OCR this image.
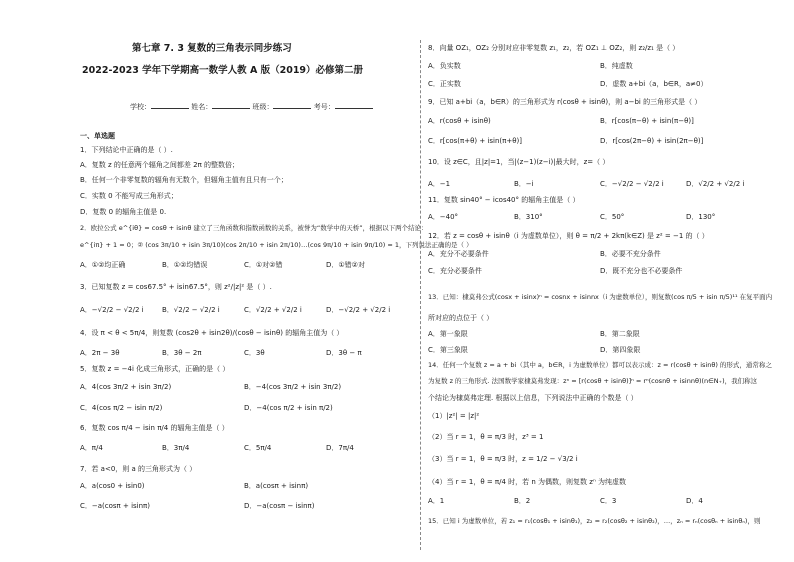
第七章 7. 3 复数的三角表示同步练习
2022-2023 学年下学期高一数学人教 A 版（2019）必修第二册
学校：	姓名：	班级：	考号：
一、单选题
1．下列结论中正确的是（ ）.
A．复数 z 的任意两个辐角之间都差 2π 的整数倍；
B．任何一个非零复数的辐角有无数个，但辐角主值有且只有一个；
C．实数 0 不能写成三角形式；
D．复数 0 的辐角主值是 0.
2．欧拉公式 e^{iθ} = cosθ + isinθ 建立了三角函数和指数函数的关系，被誉为“数学中的天桥”，根据以下两个结论：
e^{iπ} + 1 = 0；② (cos 3π/10 + isin 3π/10)(cos 2π/10 + isin 2π/10)…(cos 9π/10 + isin 9π/10) = 1，下列说法正确的是（ ）
A．①②均正确	B．①②均错误	C．①对②错	D．①错②对
3．已知复数 z = cos67.5° + isin67.5°，则 z²/|z|² 是（ ）.
A．−√2/2 − √2/2 i	B．√2/2 − √2/2 i	C．√2/2 + √2/2 i	D．−√2/2 + √2/2 i
4．设 π < θ < 5π/4，则复数 (cos2θ + isin2θ)/(cosθ − isinθ) 的辐角主值为（ ）
A．2π − 3θ	B．3θ − 2π	C．3θ	D．3θ − π
5．复数 z = −4i 化成三角形式，正确的是（ ）
A．4(cos 3π/2 + isin 3π/2)	B．−4(cos 3π/2 + isin 3π/2)
C．4(cos π/2 − isin π/2)	D．−4(cos π/2 + isin π/2)
6．复数 cos π/4 − isin π/4 的辐角主值是（ ）
A．π/4	B．3π/4	C．5π/4	D．7π/4
7．若 a<0，则 a 的三角形式为（ ）
A．a(cos0 + isin0)	B．a(cosπ + isinπ)
C．−a(cosπ + isinπ)	D．−a(cosπ − isinπ)
8．向量 OZ₁，OZ₂ 分别对应非零复数 z₁，z₂，若 OZ₁ ⊥ OZ₂，则 z₂/z₁ 是（ ）
A．负实数	B．纯虚数
C．正实数	D．虚数 a+bi（a，b∈R，a≠0）
9．已知 a+bi（a，b∈R）的三角形式为 r(cosθ + isinθ)，则 a−bi 的三角形式是（ ）
A．r(cosθ + isinθ)	B．r[cos(π−θ) + isin(π−θ)]
C．r[cos(π+θ) + isin(π+θ)]	D．r[cos(2π−θ) + isin(2π−θ)]
10．设 z∈C，且|z|=1，当|(z−1)(z−i)|最大时，z=（ ）
A．−1	B．−i	C．−√2/2 − √2/2 i	D．√2/2 + √2/2 i
11．复数 sin40° − icos40° 的辐角主值是（ ）
A．−40°	B．310°	C．50°	D．130°
12．若 z = cosθ + isinθ（i 为虚数单位），则 θ = π/2 + 2kπ(k∈Z) 是 z² = −1 的（ ）
A．充分不必要条件	B．必要不充分条件
C．充分必要条件	D．既不充分也不必要条件
13．已知：棣莫弗公式(cosx + isinx)ⁿ = cosnx + isinnx（i 为虚数单位），则复数(cos π/5 + isin π/5)¹¹ 在复平面内
所对应的点位于（ ）
A．第一象限	B．第二象限
C．第三象限	D．第四象限
14．任何一个复数 z = a + bi（其中 a，b∈R，i 为虚数单位）都可以表示成：z = r(cosθ + isinθ) 的形式，通常称之
为复数 z 的三角形式. 法国数学家棣莫弗发现：zⁿ = [r(cosθ + isinθ)]ⁿ = rⁿ(cosnθ + isinnθ)(n∈N₊)，我们称这
个结论为棣莫弗定理. 根据以上信息，下列说法中正确的个数是（ ）
（1）|z²| = |z|²
（2）当 r = 1，θ = π/3 时，z³ = 1
（3）当 r = 1，θ = π/3 时，z = 1/2 − √3/2 i
（4）当 r = 1，θ = π/4 时，若 n 为偶数，则复数 zⁿ 为纯虚数
A．1	B．2	C．3	D．4
15．已知 i 为虚数单位，若 z₁ = r₁(cosθ₁ + isinθ₁)，z₂ = r₂(cosθ₂ + isinθ₂)，…，zₙ = rₙ(cosθₙ + isinθₙ)，则
